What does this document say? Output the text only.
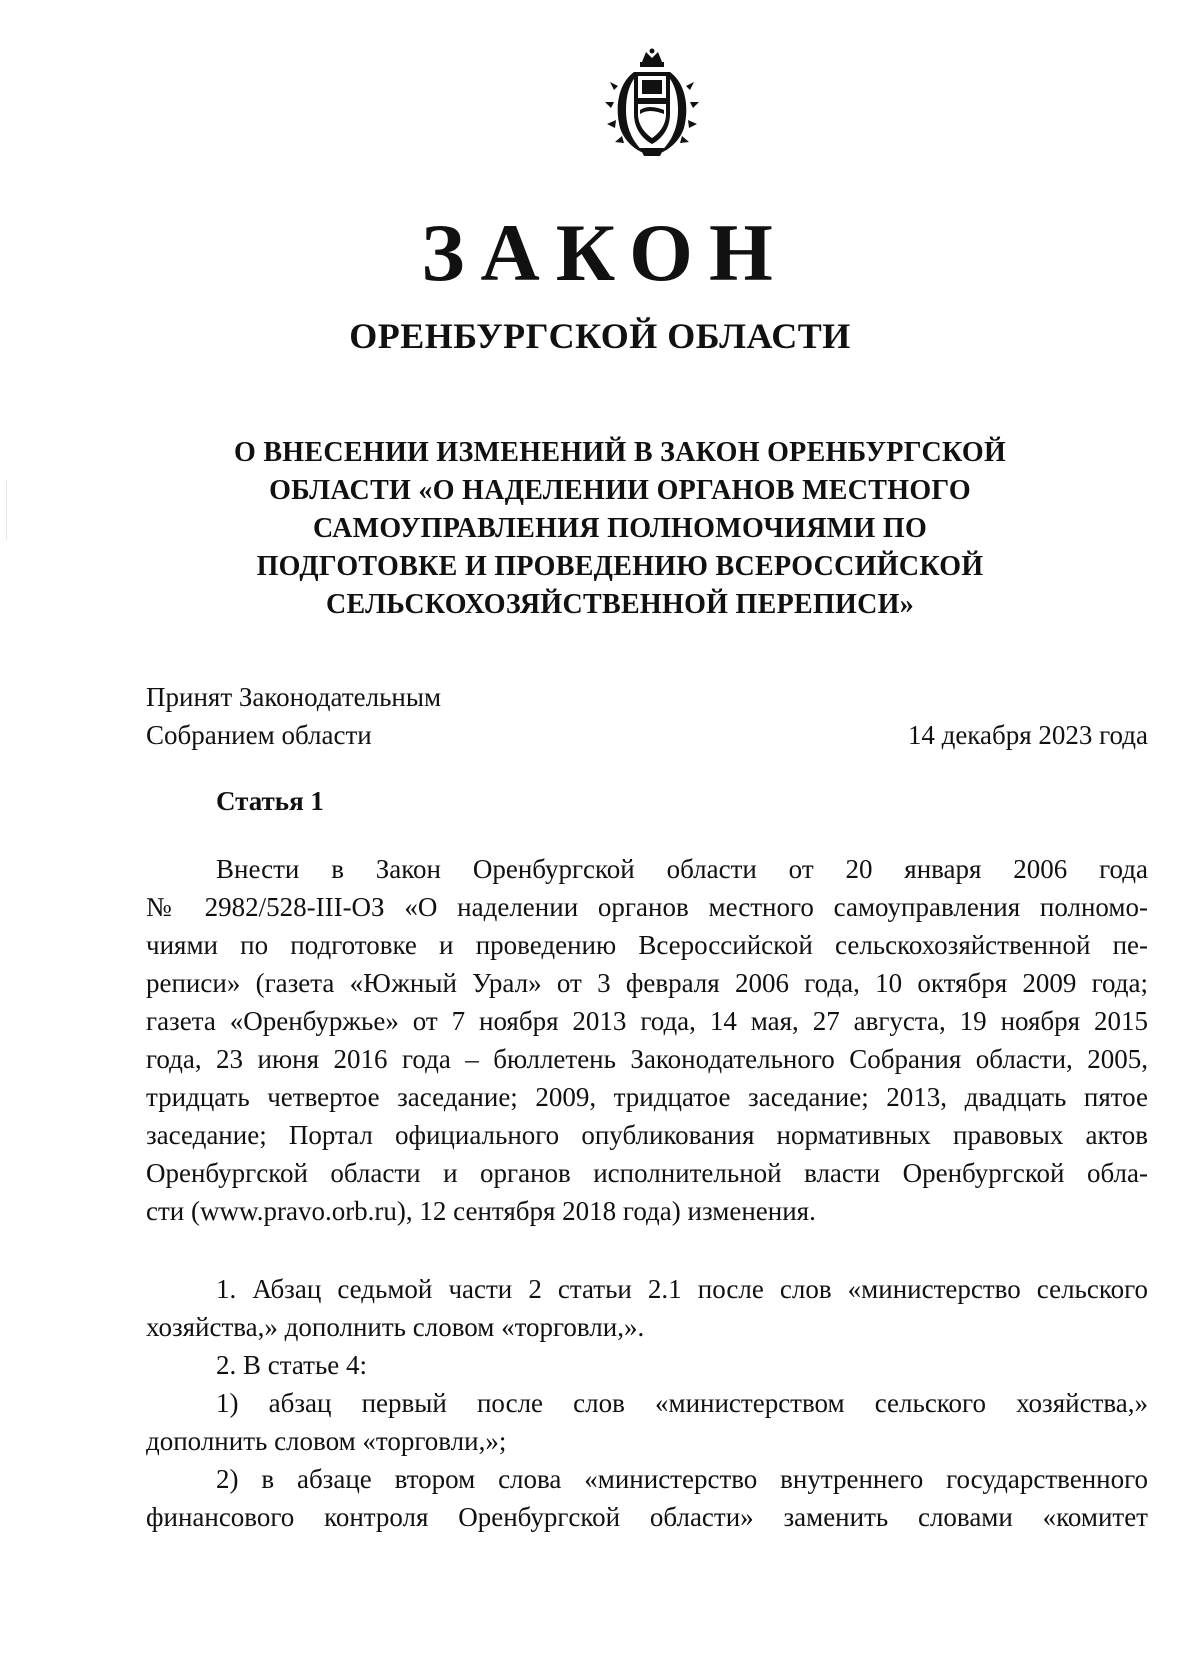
ЗАКОН
ОРЕНБУРГСКОЙ ОБЛАСТИ
О ВНЕСЕНИИ ИЗМЕНЕНИЙ В ЗАКОН ОРЕНБУРГСКОЙ
ОБЛАСТИ «О НАДЕЛЕНИИ ОРГАНОВ МЕСТНОГО
САМОУПРАВЛЕНИЯ ПОЛНОМОЧИЯМИ ПО
ПОДГОТОВКЕ И ПРОВЕДЕНИЮ ВСЕРОССИЙСКОЙ
СЕЛЬСКОХОЗЯЙСТВЕННОЙ ПЕРЕПИСИ»
Принят Законодательным
Собранием области	14 декабря 2023 года
Статья 1
Внести в Закон Оренбургской области от 20 января 2006 года
№ 2982/528-III-ОЗ «О наделении органов местного самоуправления полномо-
чиями по подготовке и проведению Всероссийской сельскохозяйственной пе-
реписи» (газета «Южный Урал» от 3 февраля 2006 года, 10 октября 2009 года;
газета «Оренбуржье» от 7 ноября 2013 года, 14 мая, 27 августа, 19 ноября 2015
года, 23 июня 2016 года – бюллетень Законодательного Собрания области, 2005,
тридцать четвертое заседание; 2009, тридцатое заседание; 2013, двадцать пятое
заседание; Портал официального опубликования нормативных правовых актов
Оренбургской области и органов исполнительной власти Оренбургской обла-
сти (www.pravo.orb.ru), 12 сентября 2018 года) изменения.
1. Абзац седьмой части 2 статьи 2.1 после слов «министерство сельского
хозяйства,» дополнить словом «торговли,».
2. В статье 4:
1) абзац первый после слов «министерством сельского хозяйства,»
дополнить словом «торговли,»;
2) в абзаце втором слова «министерство внутреннего государственного
финансового контроля Оренбургской области» заменить словами «комитет
